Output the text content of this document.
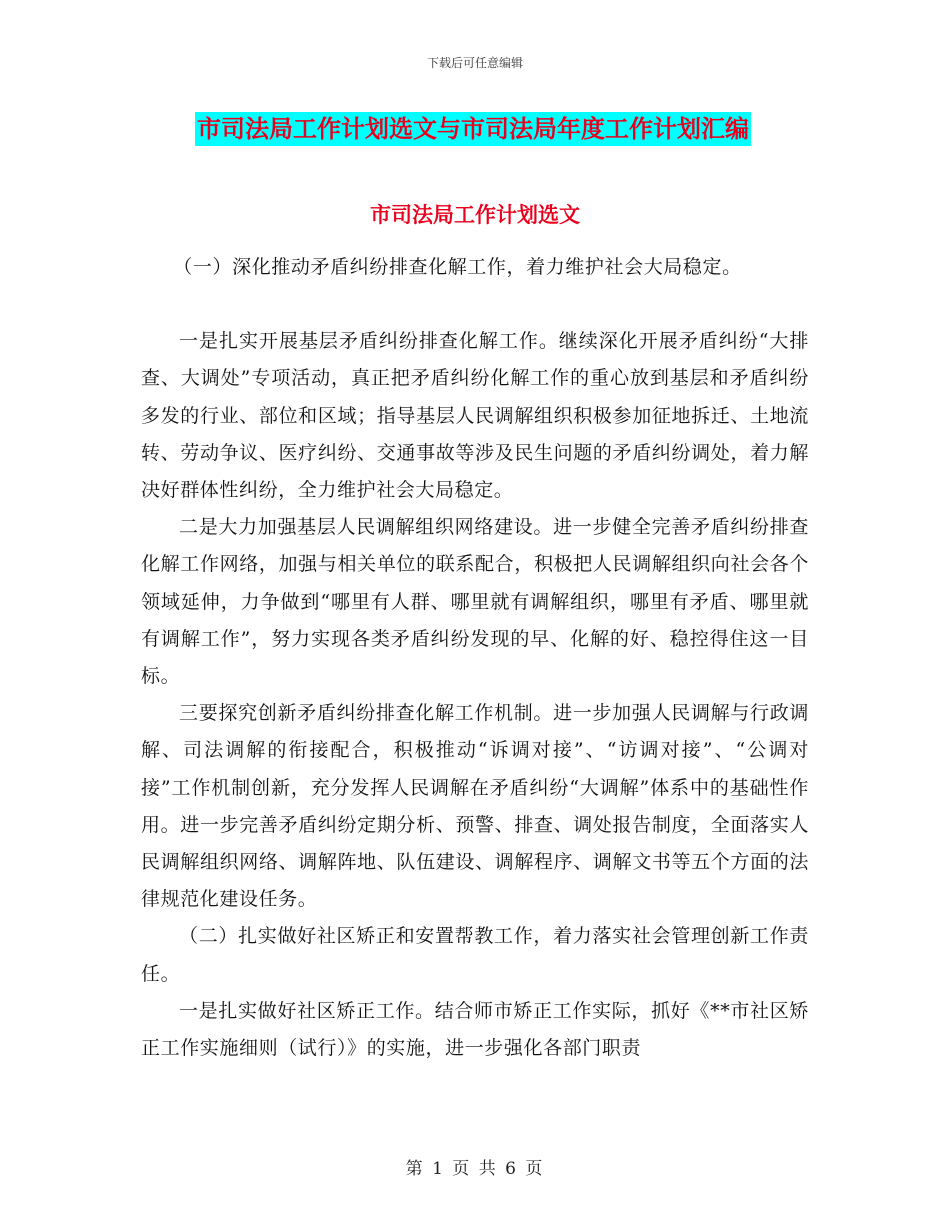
下载后可任意编辑
市司法局工作计划选文与市司法局年度工作计划汇编
市司法局工作计划选文

（一）深化推动矛盾纠纷排查化解工作，着力维护社会大局稳定。

一是扎实开展基层矛盾纠纷排查化解工作。继续深化开展矛盾纠纷“大排查、大调处”专项活动，真正把矛盾纠纷化解工作的重心放到基层和矛盾纠纷多发的行业、部位和区域；指导基层人民调解组织积极参加征地拆迁、土地流转、劳动争议、医疗纠纷、交通事故等涉及民生问题的矛盾纠纷调处，着力解决好群体性纠纷，全力维护社会大局稳定。

二是大力加强基层人民调解组织网络建设。进一步健全完善矛盾纠纷排查化解工作网络，加强与相关单位的联系配合，积极把人民调解组织向社会各个领域延伸，力争做到“哪里有人群、哪里就有调解组织，哪里有矛盾、哪里就有调解工作”，努力实现各类矛盾纠纷发现的早、化解的好、稳控得住这一目标。

三要探究创新矛盾纠纷排查化解工作机制。进一步加强人民调解与行政调解、司法调解的衔接配合，积极推动“诉调对接”、“访调对接”、“公调对接”工作机制创新，充分发挥人民调解在矛盾纠纷“大调解”体系中的基础性作用。进一步完善矛盾纠纷定期分析、预警、排查、调处报告制度，全面落实人民调解组织网络、调解阵地、队伍建设、调解程序、调解文书等五个方面的法律规范化建设任务。

（二）扎实做好社区矫正和安置帮教工作，着力落实社会管理创新工作责任。

一是扎实做好社区矫正工作。结合师市矫正工作实际，抓好《**市社区矫正工作实施细则（试行）》的实施，进一步强化各部门职责

第 1 页 共 6 页
